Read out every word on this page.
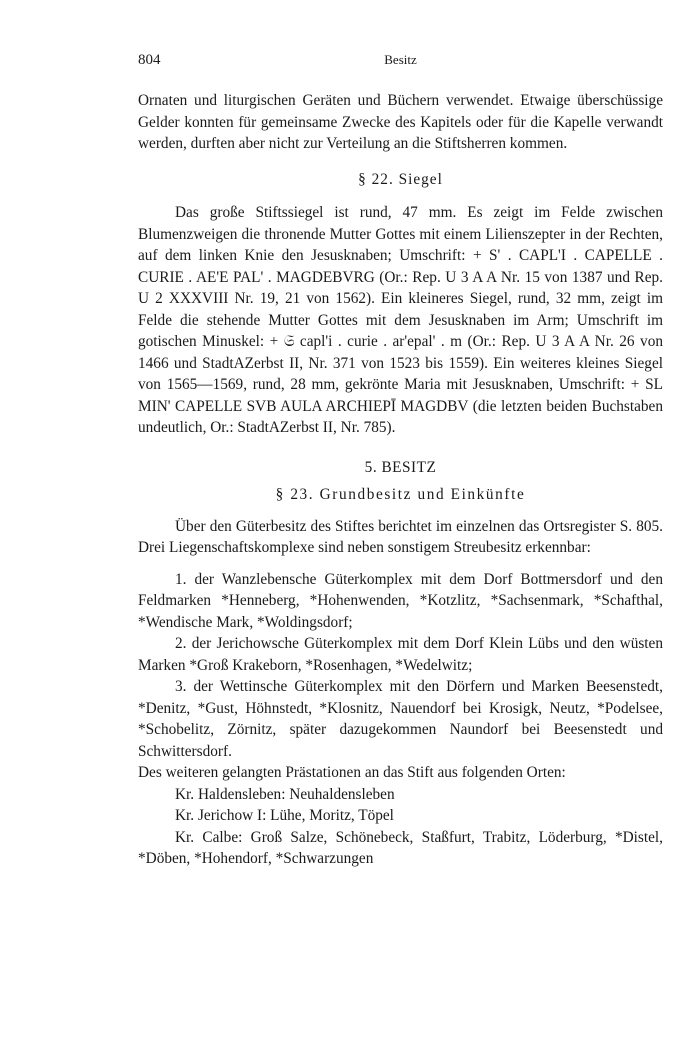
804	Besitz

Ornaten und liturgischen Geräten und Büchern verwendet. Etwaige überschüssige Gelder konnten für gemeinsame Zwecke des Kapitels oder für die Kapelle verwandt werden, durften aber nicht zur Verteilung an die Stiftsherren kommen.

§ 22. Siegel

Das große Stiftssiegel ist rund, 47 mm. Es zeigt im Felde zwischen Blumenzweigen die thronende Mutter Gottes mit einem Lilienszepter in der Rechten, auf dem linken Knie den Jesusknaben; Umschrift: + S' . CAPL'I . CAPELLE . CURIE . AE'E PAL' . MAGDEBVRG (Or.: Rep. U 3 A A Nr. 15 von 1387 und Rep. U 2 XXXVIII Nr. 19, 21 von 1562). Ein kleineres Siegel, rund, 32 mm, zeigt im Felde die stehende Mutter Gottes mit dem Jesusknaben im Arm; Umschrift im gotischen Minuskel: + 𝔖 capl'i . curie . ar'epal' . m (Or.: Rep. U 3 A A Nr. 26 von 1466 und StadtAZerbst II, Nr. 371 von 1523 bis 1559). Ein weiteres kleines Siegel von 1565—1569, rund, 28 mm, gekrönte Maria mit Jesusknaben, Umschrift: + SL MIN' CAPELLE SVB AULA ARCHIEPĪ MAGDBV (die letzten beiden Buchstaben undeutlich, Or.: StadtAZerbst II, Nr. 785).

5. BESITZ

§ 23. Grundbesitz und Einkünfte

Über den Güterbesitz des Stiftes berichtet im einzelnen das Ortsregister S. 805. Drei Liegenschaftskomplexe sind neben sonstigem Streubesitz erkennbar:

1. der Wanzlebensche Güterkomplex mit dem Dorf Bottmersdorf und den Feldmarken *Henneberg, *Hohenwenden, *Kotzlitz, *Sachsenmark, *Schafthal, *Wendische Mark, *Woldingsdorf;

2. der Jerichowsche Güterkomplex mit dem Dorf Klein Lübs und den wüsten Marken *Groß Krakeborn, *Rosenhagen, *Wedelwitz;

3. der Wettinsche Güterkomplex mit den Dörfern und Marken Beesenstedt, *Denitz, *Gust, Höhnstedt, *Klosnitz, Nauendorf bei Krosigk, Neutz, *Podelsee, *Schobelitz, Zörnitz, später dazugekommen Naundorf bei Beesenstedt und Schwittersdorf.

Des weiteren gelangten Prästationen an das Stift aus folgenden Orten:

Kr. Haldensleben: Neuhaldensleben

Kr. Jerichow I: Lühe, Moritz, Töpel

Kr. Calbe: Groß Salze, Schönebeck, Staßfurt, Trabitz, Löderburg, *Distel, *Döben, *Hohendorf, *Schwarzungen
